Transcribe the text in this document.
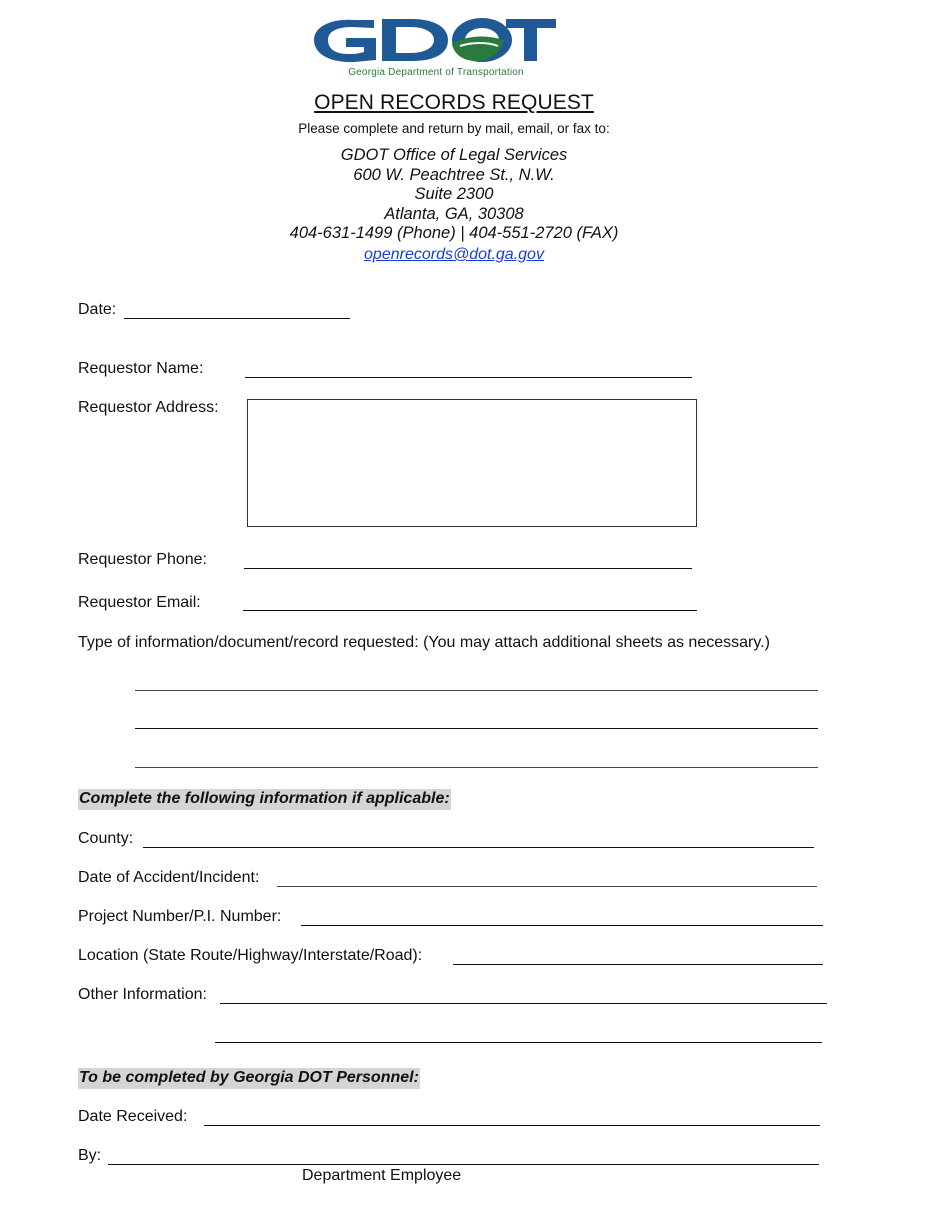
Georgia Department of Transportation
OPEN RECORDS REQUEST
Please complete and return by mail, email, or fax to:
GDOT Office of Legal Services
600 W. Peachtree St., N.W.
Suite 2300
Atlanta, GA, 30308
404-631-1499 (Phone) | 404-551-2720 (FAX)
openrecords@dot.ga.gov
Date:
Requestor Name:
Requestor Address:
Requestor Phone:
Requestor Email:
Type of information/document/record requested: (You may attach additional sheets as necessary.)
Complete the following information if applicable:
County:
Date of Accident/Incident:
Project Number/P.I. Number:
Location (State Route/Highway/Interstate/Road):
Other Information:
To be completed by Georgia DOT Personnel:
Date Received:
By:
Department Employee
